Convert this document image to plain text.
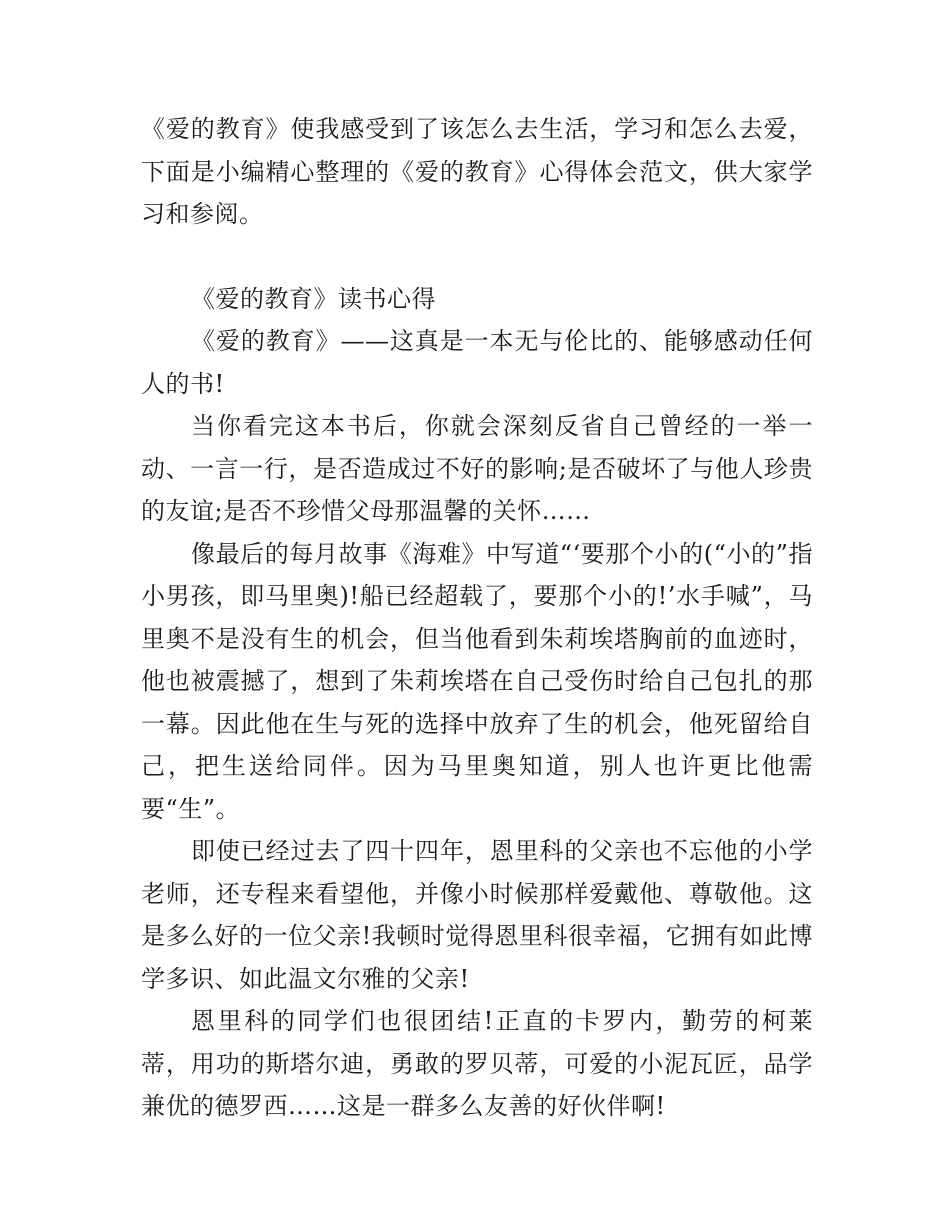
《爱的教育》使我感受到了该怎么去生活，学习和怎么去爱，下面是小编精心整理的《爱的教育》心得体会范文，供大家学习和参阅。

《爱的教育》读书心得

《爱的教育》——这真是一本无与伦比的、能够感动任何人的书!

当你看完这本书后，你就会深刻反省自己曾经的一举一动、一言一行，是否造成过不好的影响;是否破坏了与他人珍贵的友谊;是否不珍惜父母那温馨的关怀……

像最后的每月故事《海难》中写道“‘要那个小的(“小的”指小男孩，即马里奥)!船已经超载了，要那个小的!’水手喊”，马里奥不是没有生的机会，但当他看到朱莉埃塔胸前的血迹时，他也被震撼了，想到了朱莉埃塔在自己受伤时给自己包扎的那一幕。因此他在生与死的选择中放弃了生的机会，他死留给自己，把生送给同伴。因为马里奥知道，别人也许更比他需要“生”。

即使已经过去了四十四年，恩里科的父亲也不忘他的小学老师，还专程来看望他，并像小时候那样爱戴他、尊敬他。这是多么好的一位父亲!我顿时觉得恩里科很幸福，它拥有如此博学多识、如此温文尔雅的父亲!

恩里科的同学们也很团结!正直的卡罗内，勤劳的柯莱蒂，用功的斯塔尔迪，勇敢的罗贝蒂，可爱的小泥瓦匠，品学兼优的德罗西……这是一群多么友善的好伙伴啊!
